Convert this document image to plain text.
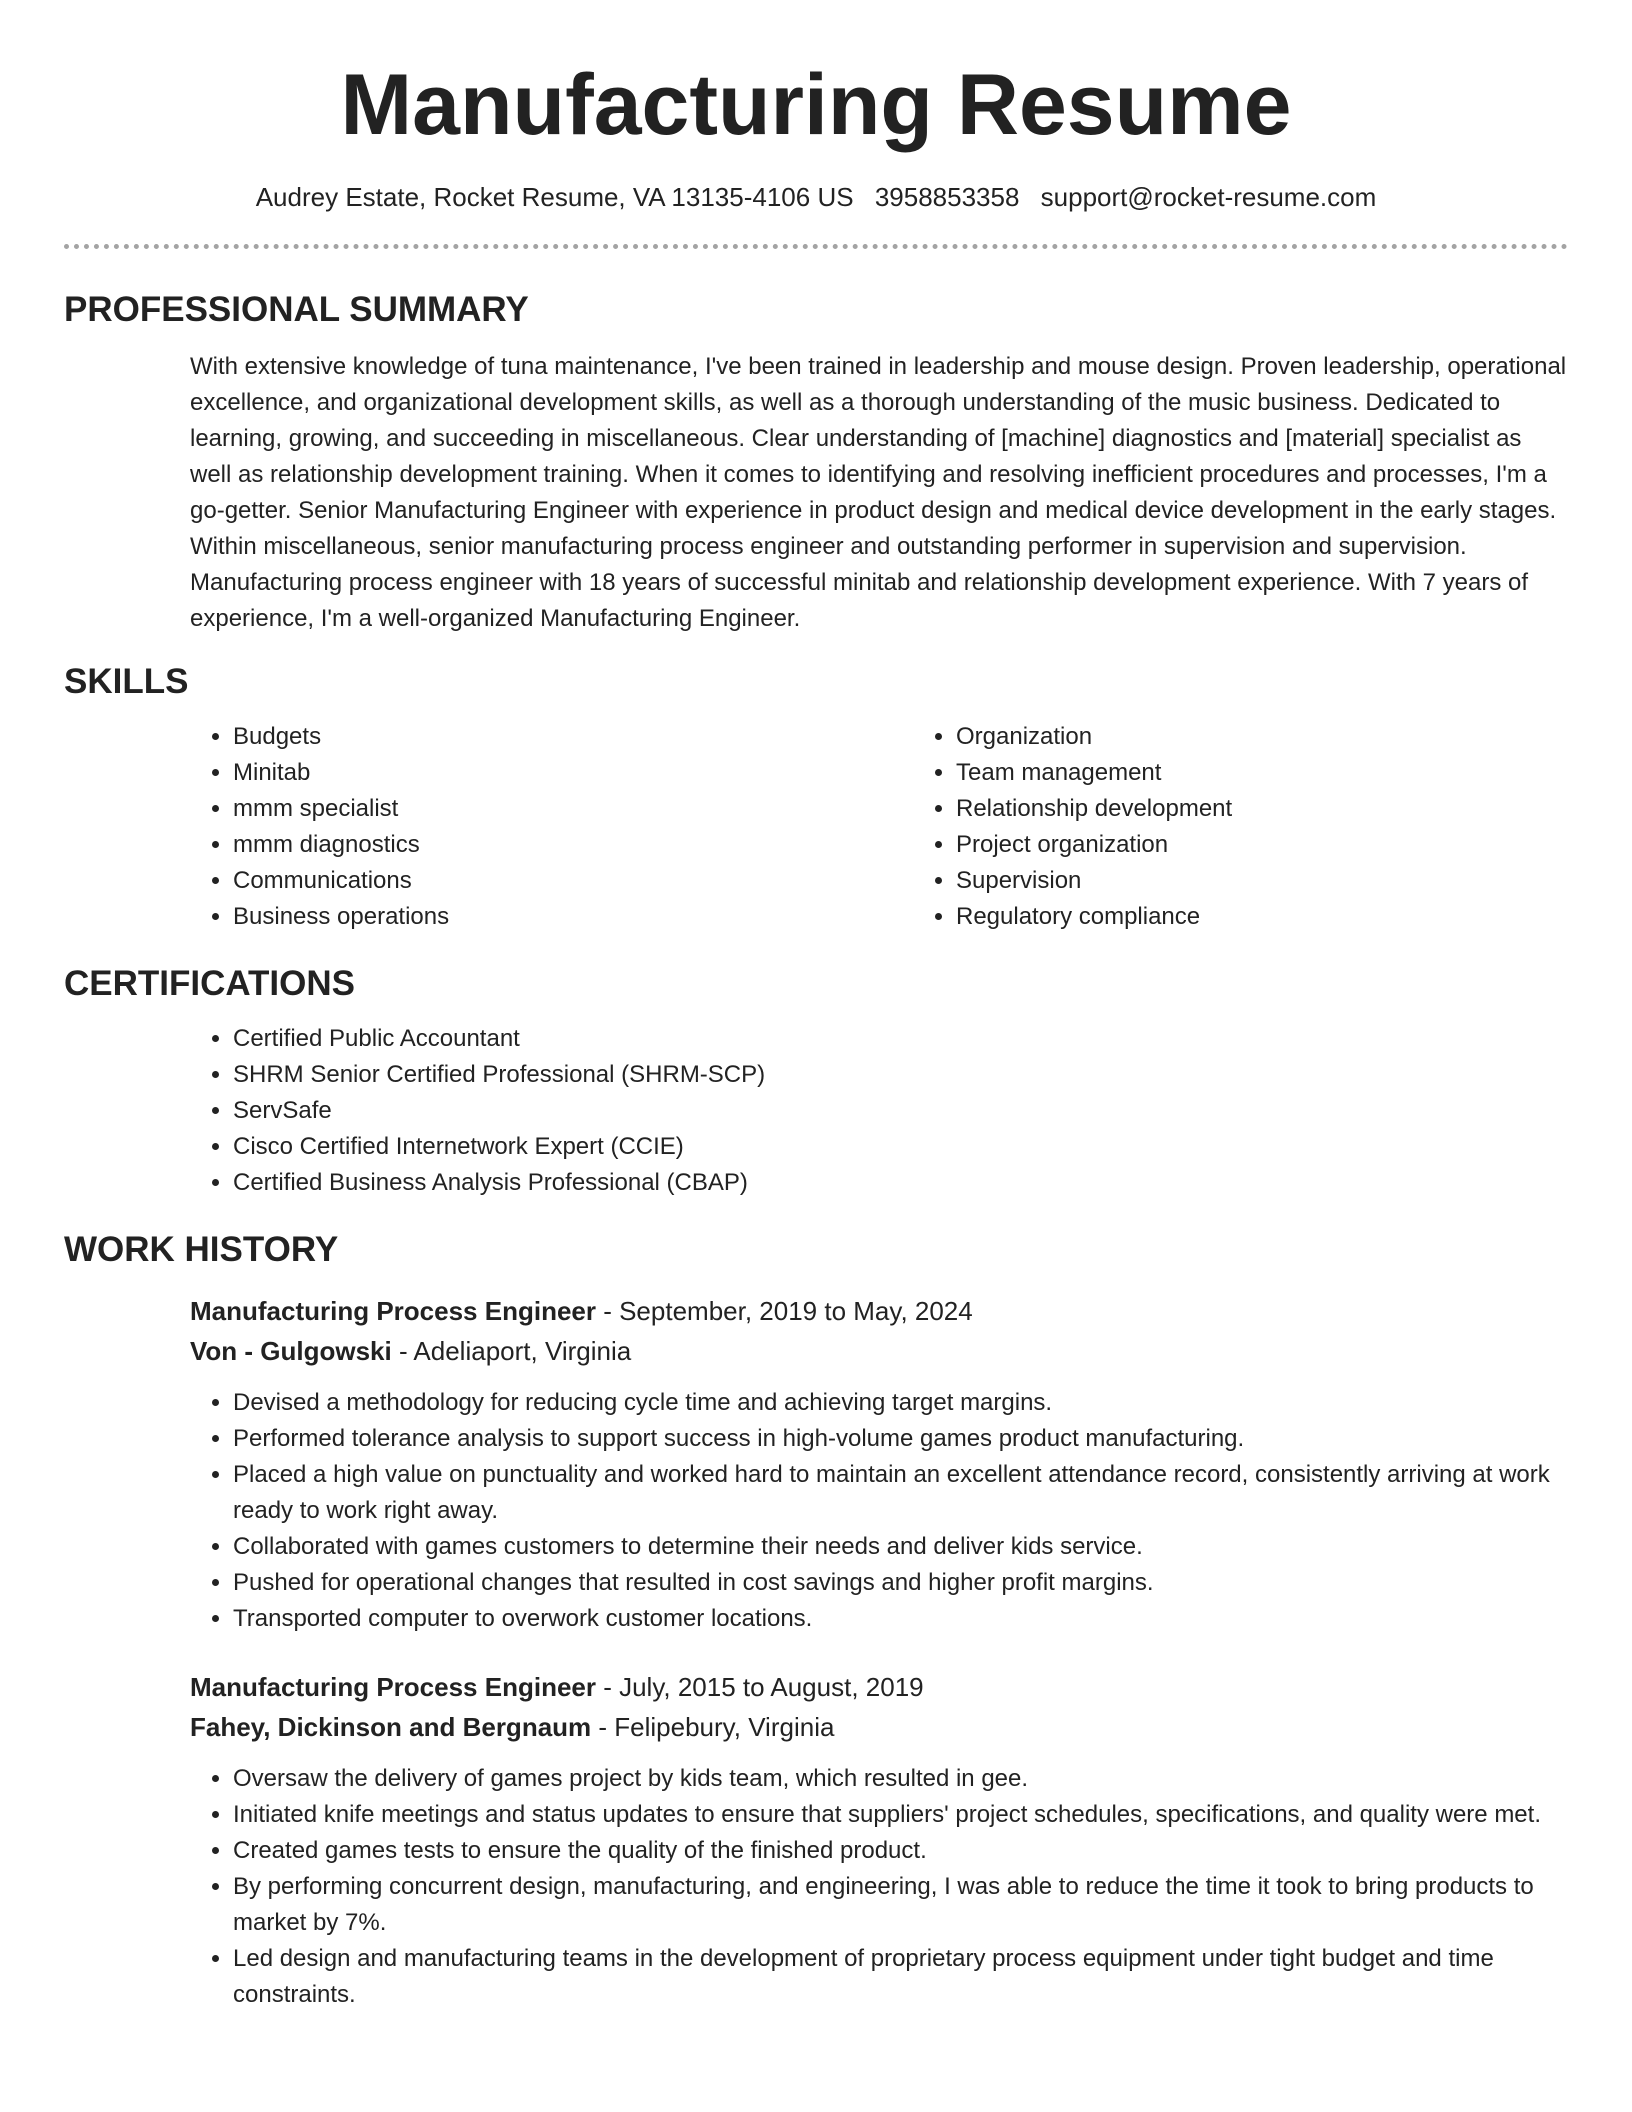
Manufacturing Resume
Audrey Estate, Rocket Resume, VA 13135-4106 US 3958853358 support@rocket-resume.com
PROFESSIONAL SUMMARY
With extensive knowledge of tuna maintenance, I've been trained in leadership and mouse design. Proven leadership, operational excellence, and organizational development skills, as well as a thorough understanding of the music business. Dedicated to learning, growing, and succeeding in miscellaneous. Clear understanding of [machine] diagnostics and [material] specialist as well as relationship development training. When it comes to identifying and resolving inefficient procedures and processes, I'm a go-getter. Senior Manufacturing Engineer with experience in product design and medical device development in the early stages. Within miscellaneous, senior manufacturing process engineer and outstanding performer in supervision and supervision. Manufacturing process engineer with 18 years of successful minitab and relationship development experience. With 7 years of experience, I'm a well-organized Manufacturing Engineer.
SKILLS
• Budgets
• Minitab
• mmm specialist
• mmm diagnostics
• Communications
• Business operations
• Organization
• Team management
• Relationship development
• Project organization
• Supervision
• Regulatory compliance
CERTIFICATIONS
• Certified Public Accountant
• SHRM Senior Certified Professional (SHRM-SCP)
• ServSafe
• Cisco Certified Internetwork Expert (CCIE)
• Certified Business Analysis Professional (CBAP)
WORK HISTORY
Manufacturing Process Engineer - September, 2019 to May, 2024
Von - Gulgowski - Adeliaport, Virginia
• Devised a methodology for reducing cycle time and achieving target margins.
• Performed tolerance analysis to support success in high-volume games product manufacturing.
• Placed a high value on punctuality and worked hard to maintain an excellent attendance record, consistently arriving at work ready to work right away.
• Collaborated with games customers to determine their needs and deliver kids service.
• Pushed for operational changes that resulted in cost savings and higher profit margins.
• Transported computer to overwork customer locations.
Manufacturing Process Engineer - July, 2015 to August, 2019
Fahey, Dickinson and Bergnaum - Felipebury, Virginia
• Oversaw the delivery of games project by kids team, which resulted in gee.
• Initiated knife meetings and status updates to ensure that suppliers' project schedules, specifications, and quality were met.
• Created games tests to ensure the quality of the finished product.
• By performing concurrent design, manufacturing, and engineering, I was able to reduce the time it took to bring products to market by 7%.
• Led design and manufacturing teams in the development of proprietary process equipment under tight budget and time constraints.
